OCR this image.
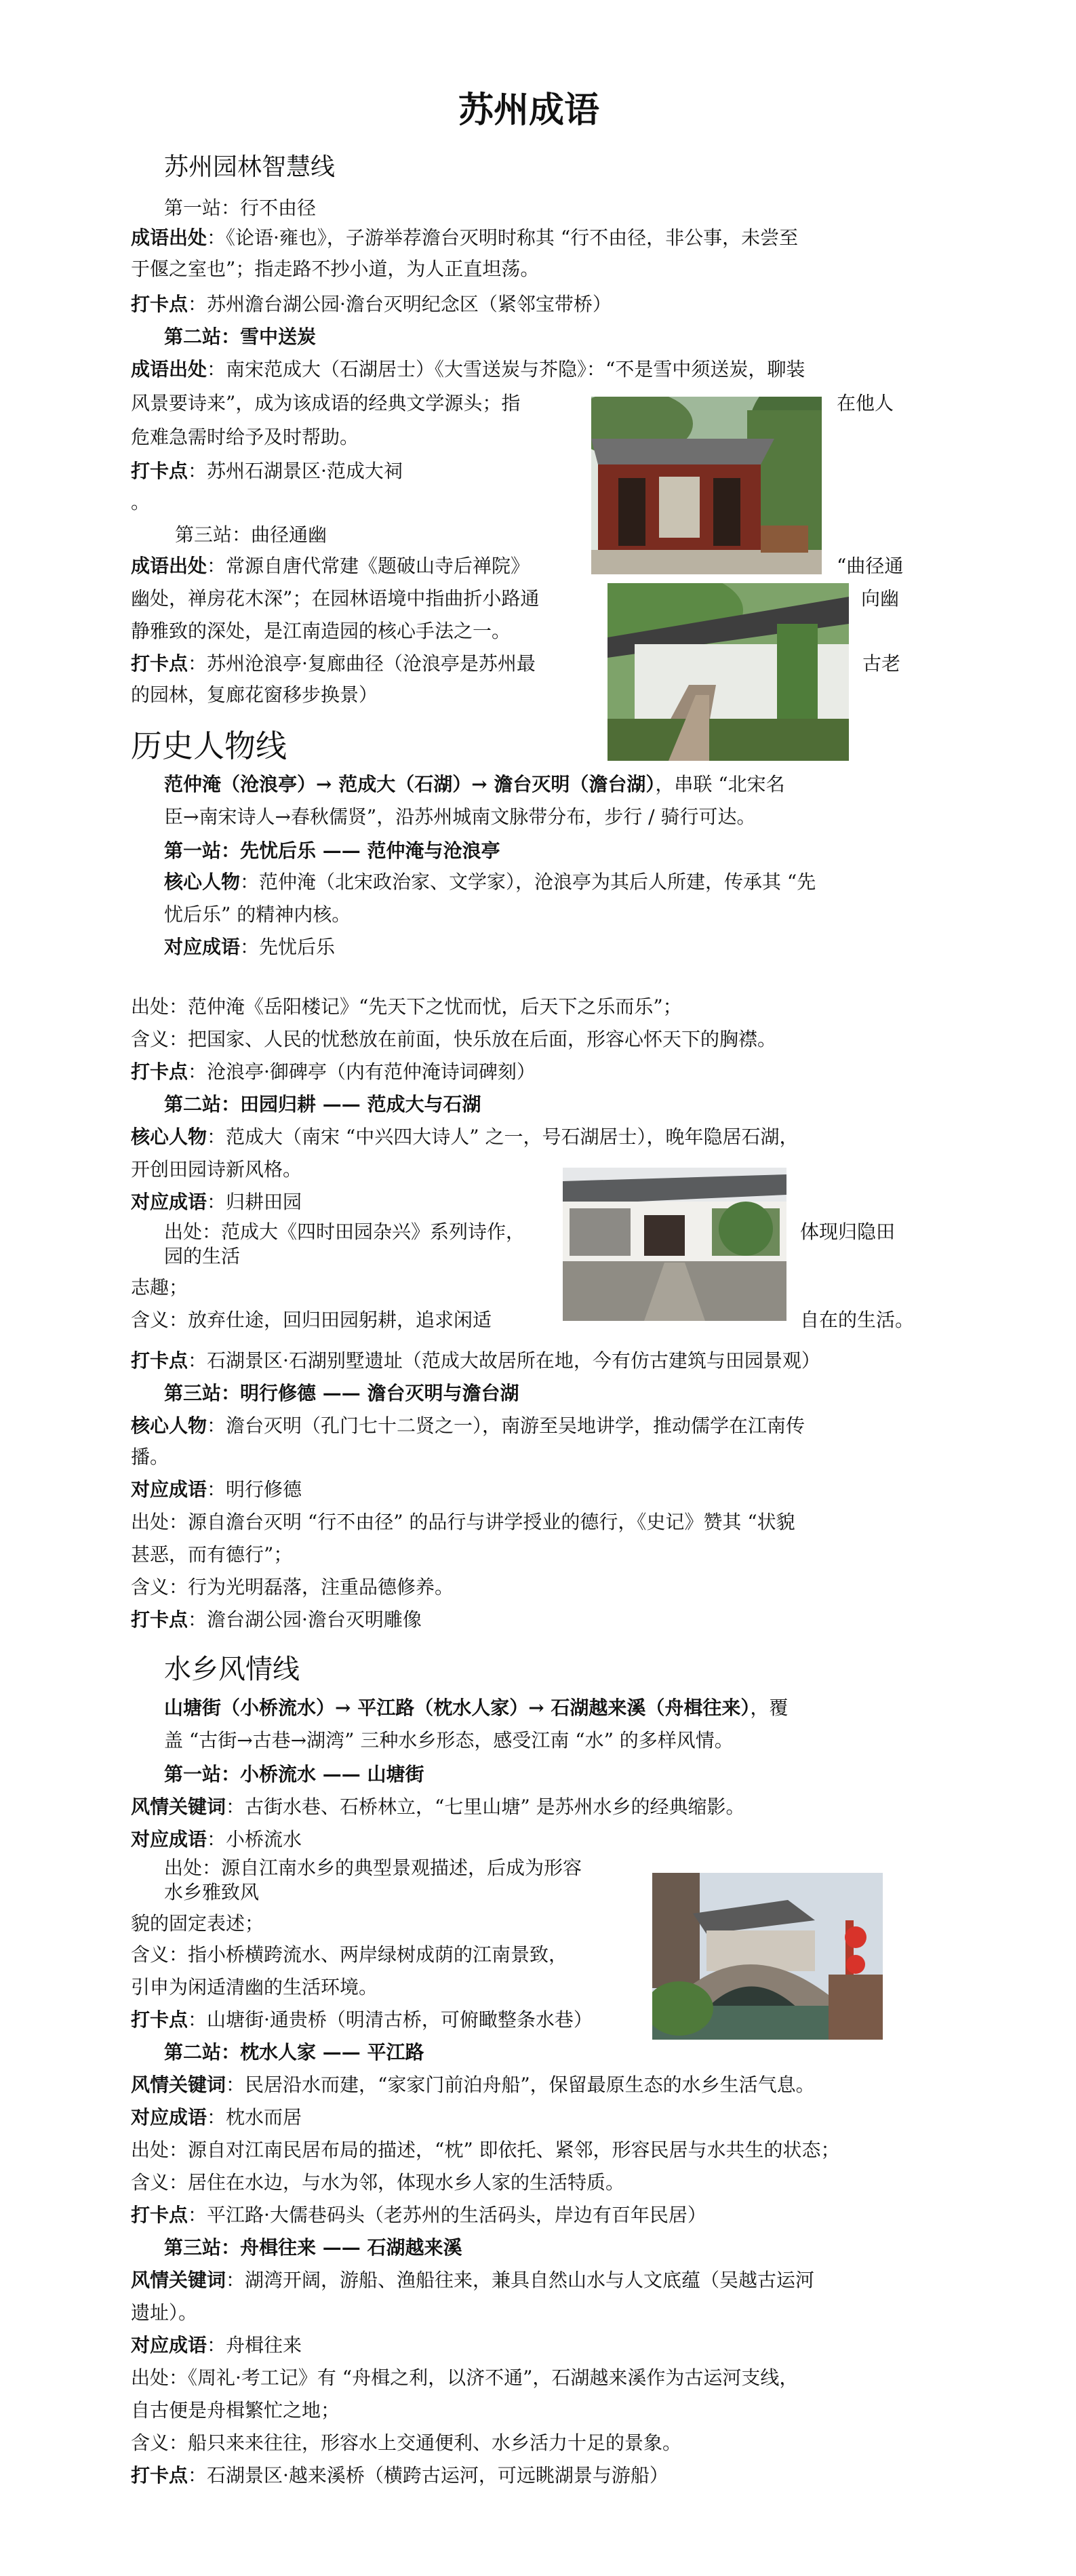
苏州成语
苏州园林智慧线
第一站：行不由径
成语出处：《论语·雍也》，子游举荐澹台灭明时称其 “行不由径，非公事，未尝至
于偃之室也”；指走路不抄小道，为人正直坦荡。
打卡点：苏州澹台湖公园·澹台灭明纪念区（紧邻宝带桥）
第二站：雪中送炭
成语出处：南宋范成大（石湖居士）《大雪送炭与芥隐》：“不是雪中须送炭，聊装
风景要诗来”，成为该成语的经典文学源头；指	在他人
危难急需时给予及时帮助。
打卡点：苏州石湖景区·范成大祠
。
第三站：曲径通幽
成语出处：常源自唐代常建《题破山寺后禅院》	“曲径通
幽处，禅房花木深”；在园林语境中指曲折小路通	向幽
静雅致的深处，是江南造园的核心手法之一。
打卡点：苏州沧浪亭·复廊曲径（沧浪亭是苏州最	古老
的园林，复廊花窗移步换景）
历史人物线
范仲淹（沧浪亭）→ 范成大（石湖）→ 澹台灭明（澹台湖），串联 “北宋名
臣→南宋诗人→春秋儒贤”，沿苏州城南文脉带分布，步行 / 骑行可达。
第一站：先忧后乐 —— 范仲淹与沧浪亭
核心人物：范仲淹（北宋政治家、文学家），沧浪亭为其后人所建，传承其 “先
忧后乐” 的精神内核。
对应成语：先忧后乐
出处：范仲淹《岳阳楼记》“先天下之忧而忧，后天下之乐而乐”；
含义：把国家、人民的忧愁放在前面，快乐放在后面，形容心怀天下的胸襟。
打卡点：沧浪亭·御碑亭（内有范仲淹诗词碑刻）
第二站：田园归耕 —— 范成大与石湖
核心人物：范成大（南宋 “中兴四大诗人” 之一，号石湖居士），晚年隐居石湖，
开创田园诗新风格。
对应成语：归耕田园
出处：范成大《四时田园杂兴》系列诗作，	体现归隐田
园的生活
志趣；
含义：放弃仕途，回归田园躬耕，追求闲适	自在的生活。
打卡点：石湖景区·石湖别墅遗址（范成大故居所在地，今有仿古建筑与田园景观）
第三站：明行修德 —— 澹台灭明与澹台湖
核心人物：澹台灭明（孔门七十二贤之一），南游至吴地讲学，推动儒学在江南传
播。
对应成语：明行修德
出处：源自澹台灭明 “行不由径” 的品行与讲学授业的德行，《史记》赞其 “状貌
甚恶，而有德行”；
含义：行为光明磊落，注重品德修养。
打卡点：澹台湖公园·澹台灭明雕像
水乡风情线
山塘街（小桥流水）→ 平江路（枕水人家）→ 石湖越来溪（舟楫往来），覆
盖 “古街→古巷→湖湾” 三种水乡形态，感受江南 “水” 的多样风情。
第一站：小桥流水 —— 山塘街
风情关键词：古街水巷、石桥林立，“七里山塘” 是苏州水乡的经典缩影。
对应成语：小桥流水
出处：源自江南水乡的典型景观描述，后成为形容
水乡雅致风
貌的固定表述；
含义：指小桥横跨流水、两岸绿树成荫的江南景致，
引申为闲适清幽的生活环境。
打卡点：山塘街·通贵桥（明清古桥，可俯瞰整条水巷）
第二站：枕水人家 —— 平江路
风情关键词：民居沿水而建，“家家门前泊舟船”，保留最原生态的水乡生活气息。
对应成语：枕水而居
出处：源自对江南民居布局的描述，“枕” 即依托、紧邻，形容民居与水共生的状态；
含义：居住在水边，与水为邻，体现水乡人家的生活特质。
打卡点：平江路·大儒巷码头（老苏州的生活码头，岸边有百年民居）
第三站：舟楫往来 —— 石湖越来溪
风情关键词：湖湾开阔，游船、渔船往来，兼具自然山水与人文底蕴（吴越古运河
遗址）。
对应成语：舟楫往来
出处：《周礼·考工记》有 “舟楫之利，以济不通”，石湖越来溪作为古运河支线，
自古便是舟楫繁忙之地；
含义：船只来来往往，形容水上交通便利、水乡活力十足的景象。
打卡点：石湖景区·越来溪桥（横跨古运河，可远眺湖景与游船）
